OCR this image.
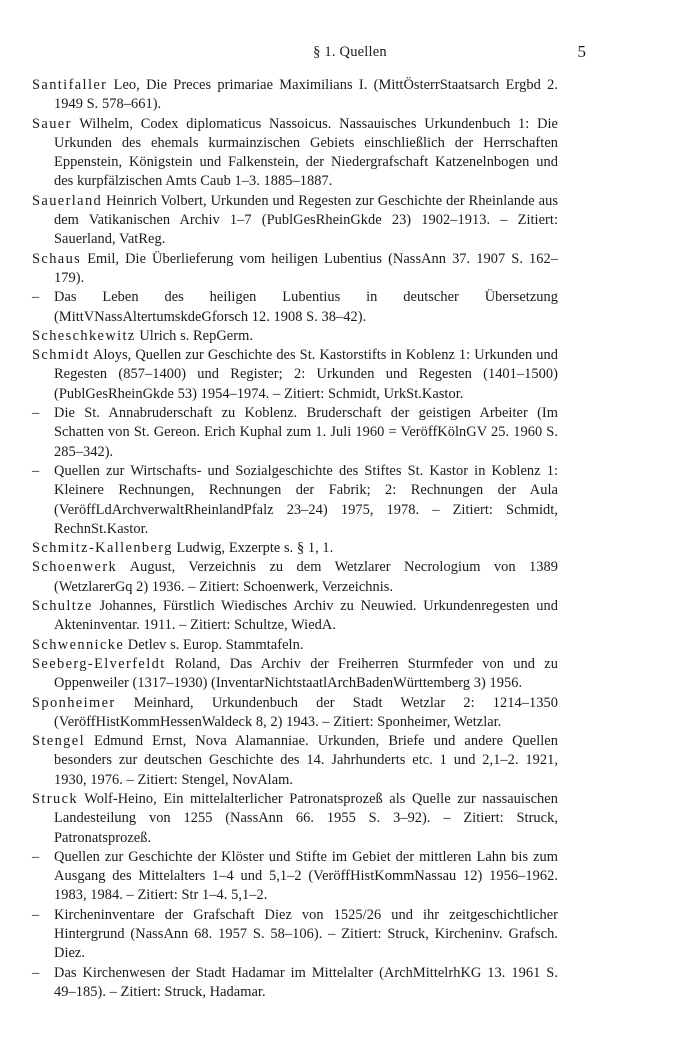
§ 1. Quellen	5

Santifaller Leo, Die Preces primariae Maximilians I. (MittÖsterrStaatsarch Ergbd 2. 1949 S. 578–661).

Sauer Wilhelm, Codex diplomaticus Nassoicus. Nassauisches Urkundenbuch 1: Die Urkunden des ehemals kurmainzischen Gebiets einschließlich der Herrschaften Eppenstein, Königstein und Falkenstein, der Niedergrafschaft Katzenelnbogen und des kurpfälzischen Amts Caub 1–3. 1885–1887.

Sauerland Heinrich Volbert, Urkunden und Regesten zur Geschichte der Rheinlande aus dem Vatikanischen Archiv 1–7 (PublGesRheinGkde 23) 1902–1913. – Zitiert: Sauerland, VatReg.

Schaus Emil, Die Überlieferung vom heiligen Lubentius (NassAnn 37. 1907 S. 162–179).

– Das Leben des heiligen Lubentius in deutscher Übersetzung (MittVNassAltertumskdeGforsch 12. 1908 S. 38–42).

Scheschkewitz Ulrich s. RepGerm.

Schmidt Aloys, Quellen zur Geschichte des St. Kastorstifts in Koblenz 1: Urkunden und Regesten (857–1400) und Register; 2: Urkunden und Regesten (1401–1500) (PublGesRheinGkde 53) 1954–1974. – Zitiert: Schmidt, UrkSt.Kastor.

– Die St. Annabruderschaft zu Koblenz. Bruderschaft der geistigen Arbeiter (Im Schatten von St. Gereon. Erich Kuphal zum 1. Juli 1960 = VeröffKölnGV 25. 1960 S. 285–342).

– Quellen zur Wirtschafts- und Sozialgeschichte des Stiftes St. Kastor in Koblenz 1: Kleinere Rechnungen, Rechnungen der Fabrik; 2: Rechnungen der Aula (VeröffLdArchverwaltRheinlandPfalz 23–24) 1975, 1978. – Zitiert: Schmidt, RechnSt.Kastor.

Schmitz-Kallenberg Ludwig, Exzerpte s. § 1, 1.

Schoenwerk August, Verzeichnis zu dem Wetzlarer Necrologium von 1389 (WetzlarerGq 2) 1936. – Zitiert: Schoenwerk, Verzeichnis.

Schultze Johannes, Fürstlich Wiedisches Archiv zu Neuwied. Urkundenregesten und Akteninventar. 1911. – Zitiert: Schultze, WiedA.

Schwennicke Detlev s. Europ. Stammtafeln.

Seeberg-Elverfeldt Roland, Das Archiv der Freiherren Sturmfeder von und zu Oppenweiler (1317–1930) (InventarNichtstaatlArchBadenWürttemberg 3) 1956.

Sponheimer Meinhard, Urkundenbuch der Stadt Wetzlar 2: 1214–1350 (VeröffHistKommHessenWaldeck 8, 2) 1943. – Zitiert: Sponheimer, Wetzlar.

Stengel Edmund Ernst, Nova Alamanniae. Urkunden, Briefe und andere Quellen besonders zur deutschen Geschichte des 14. Jahrhunderts etc. 1 und 2,1–2. 1921, 1930, 1976. – Zitiert: Stengel, NovAlam.

Struck Wolf-Heino, Ein mittelalterlicher Patronatsprozeß als Quelle zur nassauischen Landesteilung von 1255 (NassAnn 66. 1955 S. 3–92). – Zitiert: Struck, Patronatsprozeß.

– Quellen zur Geschichte der Klöster und Stifte im Gebiet der mittleren Lahn bis zum Ausgang des Mittelalters 1–4 und 5,1–2 (VeröffHistKommNassau 12) 1956–1962. 1983, 1984. – Zitiert: Str 1–4. 5,1–2.

– Kircheninventare der Grafschaft Diez von 1525/26 und ihr zeitgeschichtlicher Hintergrund (NassAnn 68. 1957 S. 58–106). – Zitiert: Struck, Kircheninv. Grafsch. Diez.

– Das Kirchenwesen der Stadt Hadamar im Mittelalter (ArchMittelrhKG 13. 1961 S. 49–185). – Zitiert: Struck, Hadamar.
